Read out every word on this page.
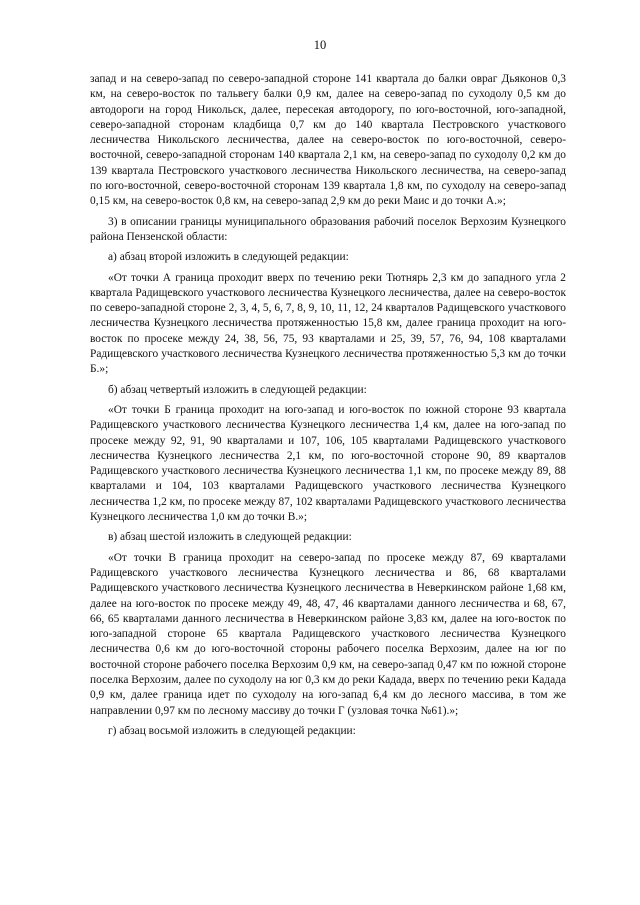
10

запад и на северо-запад по северо-западной стороне 141 квартала до балки овраг Дьяконов 0,3 км, на северо-восток по тальвегу балки 0,9 км, далее на северо-запад по суходолу 0,5 км до автодороги на город Никольск, далее, пересекая автодорогу, по юго-восточной, юго-западной, северо-западной сторонам кладбища 0,7 км до 140 квартала Пестровского участкового лесничества Никольского лесничества, далее на северо-восток по юго-восточной, северо-восточной, северо-западной сторонам 140 квартала 2,1 км, на северо-запад по суходолу 0,2 км до 139 квартала Пестровского участкового лесничества Никольского лесничества, на северо-запад по юго-восточной, северо-восточной сторонам 139 квартала 1,8 км, по суходолу на северо-запад 0,15 км, на северо-восток 0,8 км, на северо-запад 2,9 км до реки Маис и до точки А.»;

3) в описании границы муниципального образования рабочий поселок Верхозим Кузнецкого района Пензенской области:

а) абзац второй изложить в следующей редакции:

«От точки А граница проходит вверх по течению реки Тютнярь 2,3 км до западного угла 2 квартала Радищевского участкового лесничества Кузнецкого лесничества, далее на северо-восток по северо-западной стороне 2, 3, 4, 5, 6, 7, 8, 9, 10, 11, 12, 24 кварталов Радищевского участкового лесничества Кузнецкого лесничества протяженностью 15,8 км, далее граница проходит на юго-восток по просеке между 24, 38, 56, 75, 93 кварталами и 25, 39, 57, 76, 94, 108 кварталами Радищевского участкового лесничества Кузнецкого лесничества протяженностью 5,3 км до точки Б.»;

б) абзац четвертый изложить в следующей редакции:

«От точки Б граница проходит на юго-запад и юго-восток по южной стороне 93 квартала Радищевского участкового лесничества Кузнецкого лесничества 1,4 км, далее на юго-запад по просеке между 92, 91, 90 кварталами и 107, 106, 105 кварталами Радищевского участкового лесничества Кузнецкого лесничества 2,1 км, по юго-восточной стороне 90, 89 кварталов Радищевского участкового лесничества Кузнецкого лесничества 1,1 км, по просеке между 89, 88 кварталами и 104, 103 кварталами Радищевского участкового лесничества Кузнецкого лесничества 1,2 км, по просеке между 87, 102 кварталами Радищевского участкового лесничества Кузнецкого лесничества 1,0 км до точки В.»;

в) абзац шестой изложить в следующей редакции:

«От точки В граница проходит на северо-запад по просеке между 87, 69 кварталами Радищевского участкового лесничества Кузнецкого лесничества и 86, 68 кварталами Радищевского участкового лесничества Кузнецкого лесничества в Неверкинском районе 1,68 км, далее на юго-восток по просеке между 49, 48, 47, 46 кварталами данного лесничества и 68, 67, 66, 65 кварталами данного лесничества в Неверкинском районе 3,83 км, далее на юго-восток по юго-западной стороне 65 квартала Радищевского участкового лесничества Кузнецкого лесничества 0,6 км до юго-восточной стороны рабочего поселка Верхозим, далее на юг по восточной стороне рабочего поселка Верхозим 0,9 км, на северо-запад 0,47 км по южной стороне поселка Верхозим, далее по суходолу на юг 0,3 км до реки Кадада, вверх по течению реки Кадада 0,9 км, далее граница идет по суходолу на юго-запад 6,4 км до лесного массива, в том же направлении 0,97 км по лесному массиву до точки Г (узловая точка №61).»;

г) абзац восьмой изложить в следующей редакции:
